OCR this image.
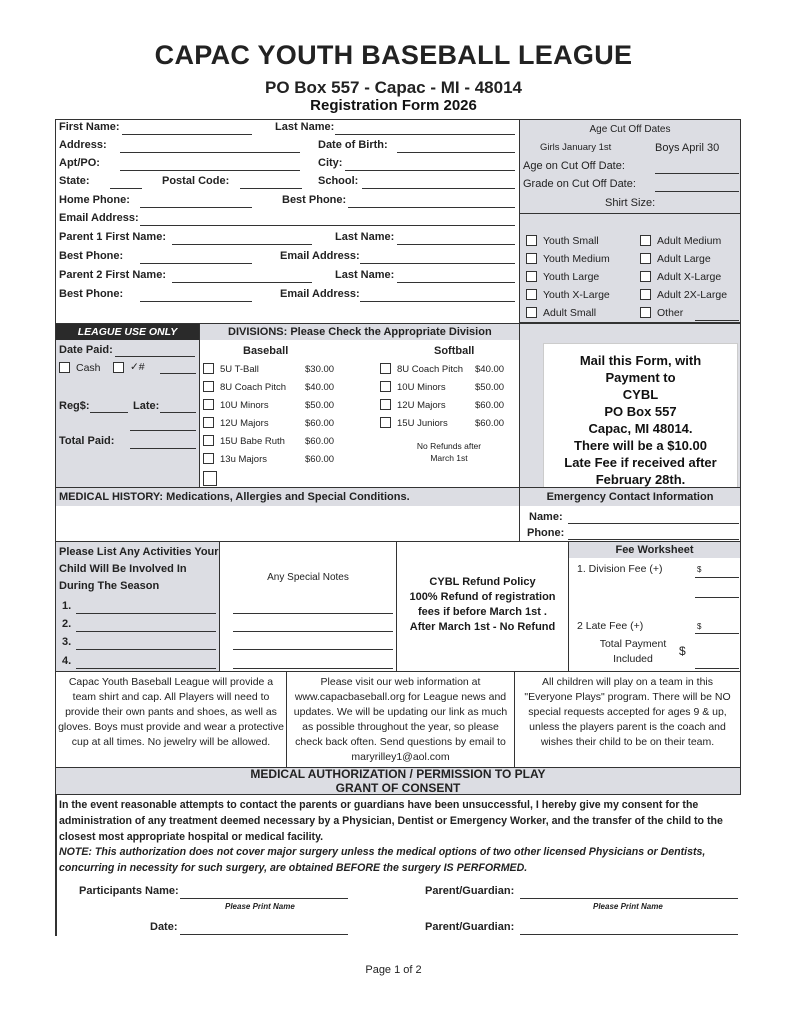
CAPAC YOUTH BASEBALL LEAGUE
PO Box 557 - Capac - MI - 48014
Registration Form 2026
First Name:	Last Name:
Address:	Date of Birth:
Apt/PO:	City:
State:	Postal Code:	School:
Home Phone:	Best Phone:
Email Address:
Parent 1 First Name:	Last Name:
Best Phone:	Email Address:
Parent 2 First Name:	Last Name:
Best Phone:	Email Address:
Age Cut Off Dates
Girls January 1st	Boys April 30
Age on Cut Off Date:
Grade on Cut Off Date:
Shirt Size:
Youth Small	Adult Medium
Youth Medium	Adult Large
Youth Large	Adult X-Large
Youth X-Large	Adult 2X-Large
Adult Small	Other
LEAGUE USE ONLY
Date Paid:
Cash	✓#
Reg$:	Late:
Total Paid:
DIVISIONS: Please Check the Appropriate Division
Baseball	Softball
5U T-Ball	$30.00
8U Coach Pitch $40.00
10U Minors	$50.00
12U Majors	$60.00
15U Babe Ruth $60.00
13u Majors	$60.00
8U Coach Pitch $40.00
10U Minors	$50.00
12U Majors	$60.00
15U Juniors	$60.00
No Refunds after March 1st
Mail this Form, with
Payment to
CYBL
PO Box 557
Capac, MI 48014.
There will be a $10.00
Late Fee if received after
February 28th.
MEDICAL HISTORY: Medications, Allergies and Special Conditions.	Emergency Contact Information
Name:
Phone:
Please List Any Activities Your Child Will Be Involved In During The Season
1.
2.
3.
4.
Any Special Notes	CYBL Refund Policy
100% Refund of registration
fees if before March 1st .
After March 1st - No Refund
Fee Worksheet
1. Division Fee (+)	$
2 Late Fee (+)	$
Total Payment Included
$
Capac Youth Baseball League will provide a team shirt and cap. All Players will need to provide their own pants and shoes, as well as gloves. Boys must provide and wear a protective cup at all times. No jewelry will be allowed.
Please visit our web information at www.capacbaseball.org for League news and updates. We will be updating our link as much as possible throughout the year, so please check back often. Send questions by email to maryrilley1@aol.com
All children will play on a team in this "Everyone Plays" program. There will be NO special requests accepted for ages 9 & up, unless the players parent is the coach and wishes their child to be on their team.
MEDICAL AUTHORIZATION / PERMISSION TO PLAY
GRANT OF CONSENT
In the event reasonable attempts to contact the parents or guardians have been unsuccessful, I hereby give my consent for the administration of any treatment deemed necessary by a Physician, Dentist or Emergency Worker, and the transfer of the child to the closest most appropriate hospital or medical facility.
NOTE: This authorization does not cover major surgery unless the medical options of two other licensed Physicians or Dentists, concurring in necessity for such surgery, are obtained BEFORE the surgery IS PERFORMED.
Participants Name:
Please Print Name
Parent/Guardian:
Please Print Name
Date:	Parent/Guardian:
Page 1 of 2
